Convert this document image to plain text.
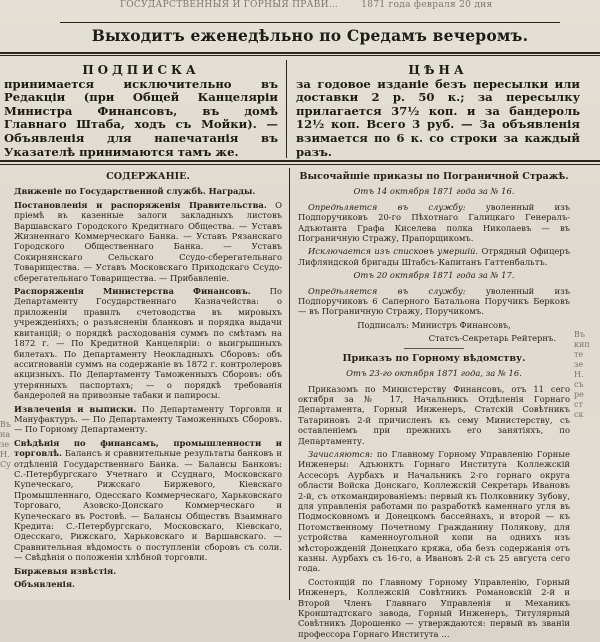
ГОСУДАРСТВЕННЫЯ И ГОРНЫЯ ПРАВИ…	1871 года февраля 20 дня
Выходитъ еженедѣльно по Средамъ вечеромъ.
ПОДПИСКА

принимается исключительно въ Редакціи (при Общей Канцеляріи Министра Финансовъ, въ домѣ Главнаго Штаба, ходъ съ Мойки). — Объявленія для напечатанія въ Указателѣ принимаются тамъ же.

ЦѢНА

за годовое изданіе безъ пересылки или доставки 2 р. 50 к.; за пересылку прилагается 37½ коп. и за бандероль 12½ коп. Всего 3 руб. — За объявленія взимается по 6 к. со строки за каждый разъ.

Въ
на
зе
Н.
Су

СОДЕРЖАНІЕ.

Движеніе по Государственной службѣ. Награды.

Постановленія и распоряженія Правительства. О пріемѣ въ казенные залоги закладныхъ листовъ Варшавскаго Городского Кредитнаго Общества. — Уставъ Жизненнаго Коммерческаго Банка. — Уставъ Рязанскаго Городского Общественнаго Банка. — Уставъ Сокирнянскаго Сельскаго Ссудо-сберегательнаго Товарищества. — Уставъ Московскаго Приходскаго Ссудо-сберегательнаго Товарищества. — Прибавленіе.

Распоряженія Министерства Финансовъ. По Департаменту Государственнаго Казначейства: о приложеніи правилъ счетоводства въ мировыхъ учрежденіяхъ; о разъясненіи бланковъ и порядка выдачи квитанцій; о порядкѣ расходованія суммъ по смѣтамъ на 1872 г. — По Кредитной Канцеляріи: о выигрышныхъ билетахъ. По Департаменту Неокладныхъ Сборовъ: объ ассигнованіи суммъ на содержаніе въ 1872 г. контролеровъ акцизныхъ. По Департаменту Таможенныхъ Сборовъ: объ утерянныхъ паспортахъ; — о порядкѣ требованія бандеролей на привозные табаки и папиросы.

Извлеченія и выписки. По Департаменту Торговли и Мануфактуръ. — По Департаменту Таможенныхъ Сборовъ. — По Горному Департаменту.

Свѣдѣнія по финансамъ, промышленности и торговлѣ. Балансъ и сравнительные результаты банковъ и отдѣленій Государственнаго Банка. — Балансы Банковъ: С.-Петербургскаго Учетнаго и Ссуднаго, Московскаго Купеческаго, Рижскаго Биржевого, Кіевскаго Промышленнаго, Одесскаго Коммерческаго, Харьковскаго Торговаго, Азовско-Донскаго Коммерческаго и Купеческаго въ Ростовѣ. — Балансы Обществъ Взаимнаго Кредита: С.-Петербургскаго, Московскаго, Кіевскаго, Одесскаго, Рижскаго, Харьковскаго и Варшавскаго. — Сравнительная вѣдомость о поступленіи сборовъ съ соли. — Свѣдѣнія о положеніи хлѣбной торговли.

Биржевыя извѣстія.

Объявленія.

Высочайшіе приказы по Пограничной Стражѣ.

Отъ 14 октября 1871 года за № 16.

Опредѣляется въ службу: уволенный изъ Подпоручиковъ 20-го Пѣхотнаго Галицкаго Генералъ-Адъютанта Графа Киселева полка Николаевъ — въ Пограничную Стражу, Прапорщикомъ.

Исключается изъ списковъ умершій. Отрядный Офицеръ Лифляндской бригады Штабсъ-Капитанъ Гаттенбальтъ.

Отъ 20 октября 1871 года за № 17.

Опредѣляется въ службу: уволенный изъ Подпоручиковъ 6 Саперного Батальона Поручикъ Берковъ — въ Пограничную Стражу, Поручикомъ.

Подписалъ: Министръ Финансовъ,

Статсъ-Секретарь Рейтернъ.

Приказъ по Горному вѣдомству.

Отъ 23-го октября 1871 года, за № 16.

Приказомъ по Министерству Финансовъ, отъ 11 сего октября за № 17, Начальникъ Отдѣленія Горнаго Департамента, Горный Инженеръ, Статскій Совѣтникъ Татариновъ 2-й причисленъ къ сему Министерству, съ оставленіемъ при прежнихъ его занятіяхъ, по Департаменту.

Зачисляются: по Главному Горному Управленію Горные Инженеры: Адъюнктъ Горнаго Института Коллежскій Ассесоръ Аурбахъ и Начальникъ 2-го горнаго округа области Войска Донскаго, Коллежскій Секретарь Ивановъ 2-й, съ откомандированіемъ: первый къ Полковнику Зубову, для управленія работами по разработкѣ каменнаго угля въ Подмосковномъ и Донецкомъ бассейнахъ, и второй — къ Потомственному Почетному Гражданину Полякову, для устройства каменноугольной копи на однихъ изъ мѣсторожденій Донецкаго кряжа, оба безъ содержанія отъ казны. Аурбахъ съ 16-го, а Ивановъ 2-й съ 25 августа сего года.

Состоящій по Главному Горному Управленію, Горный Инженеръ, Коллежскій Совѣтникъ Романовскій 2-й и Второй Членъ Главнаго Управленія и Механикъ Кронштадтскаго завода, Горный Инженеръ, Титулярный Совѣтникъ Дорошенко — утверждаются: первый въ званіи профессора Горнаго Института …

Въ
кип
те
зе
Н.
съ
ре
ст
ск
